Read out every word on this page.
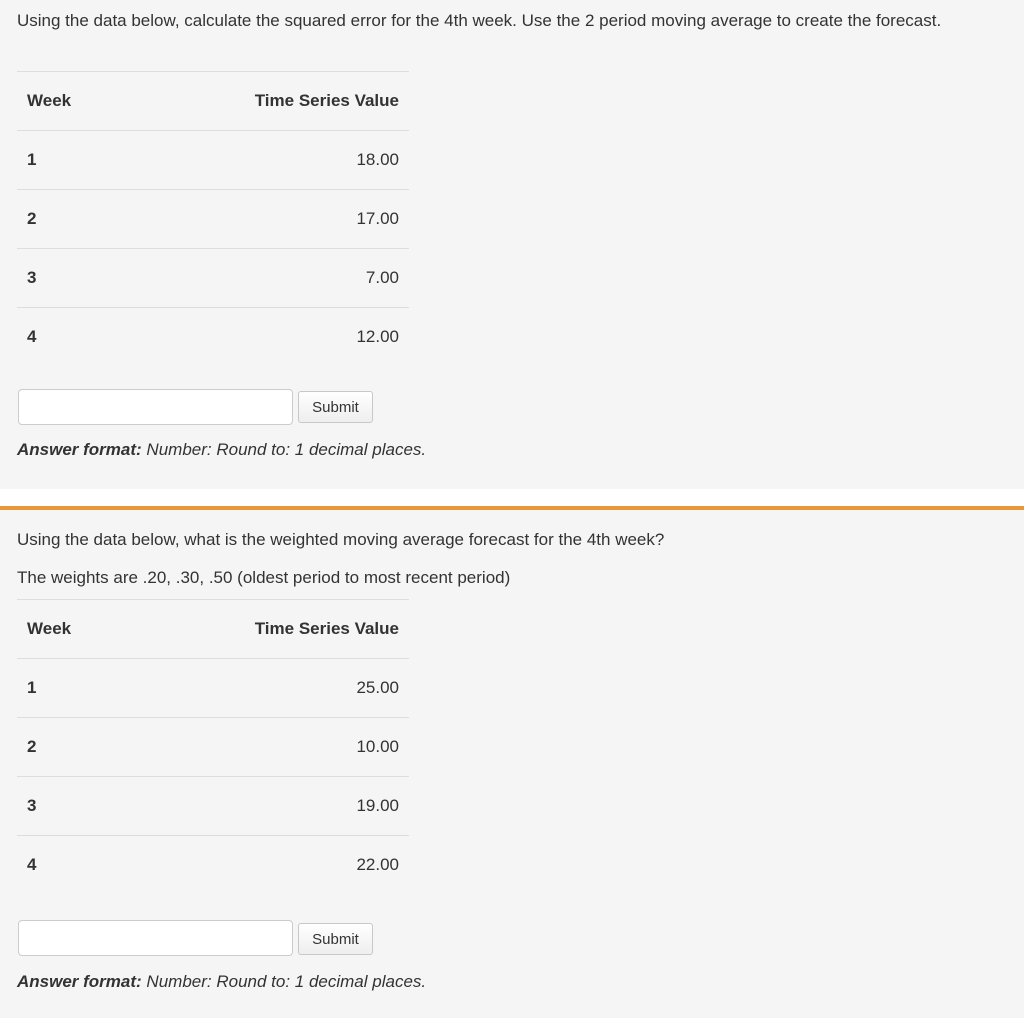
Using the data below, calculate the squared error for the 4th week. Use the 2 period moving average to create the forecast.

Week	Time Series Value
1	18.00
2	17.00
3	7.00
4	12.00
Submit

Answer format: Number: Round to: 1 decimal places.

Using the data below, what is the weighted moving average forecast for the 4th week?

The weights are .20, .30, .50 (oldest period to most recent period)

Week	Time Series Value
1	25.00
2	10.00
3	19.00
4	22.00
Submit

Answer format: Number: Round to: 1 decimal places.
